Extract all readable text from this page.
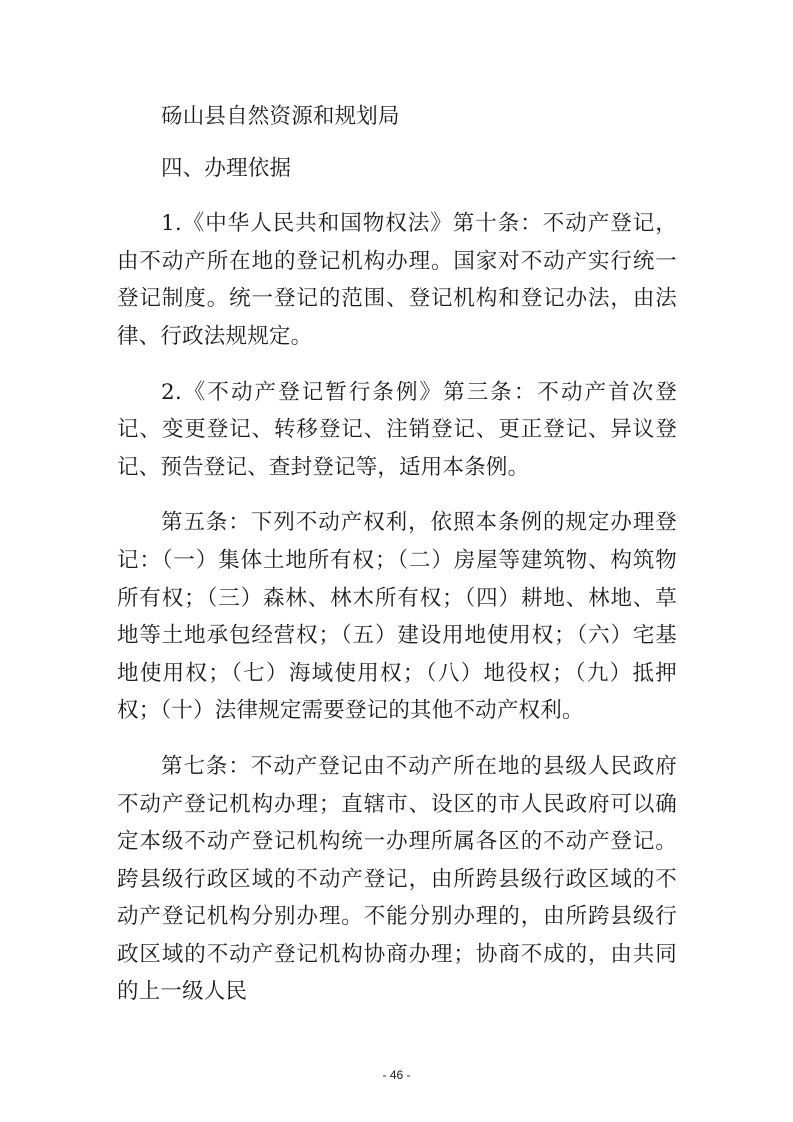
砀山县自然资源和规划局

四、办理依据

1.《中华人民共和国物权法》第十条：不动产登记，由不动产所在地的登记机构办理。国家对不动产实行统一登记制度。统一登记的范围、登记机构和登记办法，由法律、行政法规规定。

2.《不动产登记暂行条例》第三条：不动产首次登记、变更登记、转移登记、注销登记、更正登记、异议登记、预告登记、查封登记等，适用本条例。

第五条：下列不动产权利，依照本条例的规定办理登记：（一）集体土地所有权；（二）房屋等建筑物、构筑物所有权；（三）森林、林木所有权；（四）耕地、林地、草地等土地承包经营权；（五）建设用地使用权；（六）宅基地使用权；（七）海域使用权；（八）地役权；（九）抵押权；（十）法律规定需要登记的其他不动产权利。

第七条：不动产登记由不动产所在地的县级人民政府不动产登记机构办理；直辖市、设区的市人民政府可以确定本级不动产登记机构统一办理所属各区的不动产登记。跨县级行政区域的不动产登记，由所跨县级行政区域的不动产登记机构分别办理。不能分别办理的，由所跨县级行政区域的不动产登记机构协商办理；协商不成的，由共同的上一级人民

- 46 -
